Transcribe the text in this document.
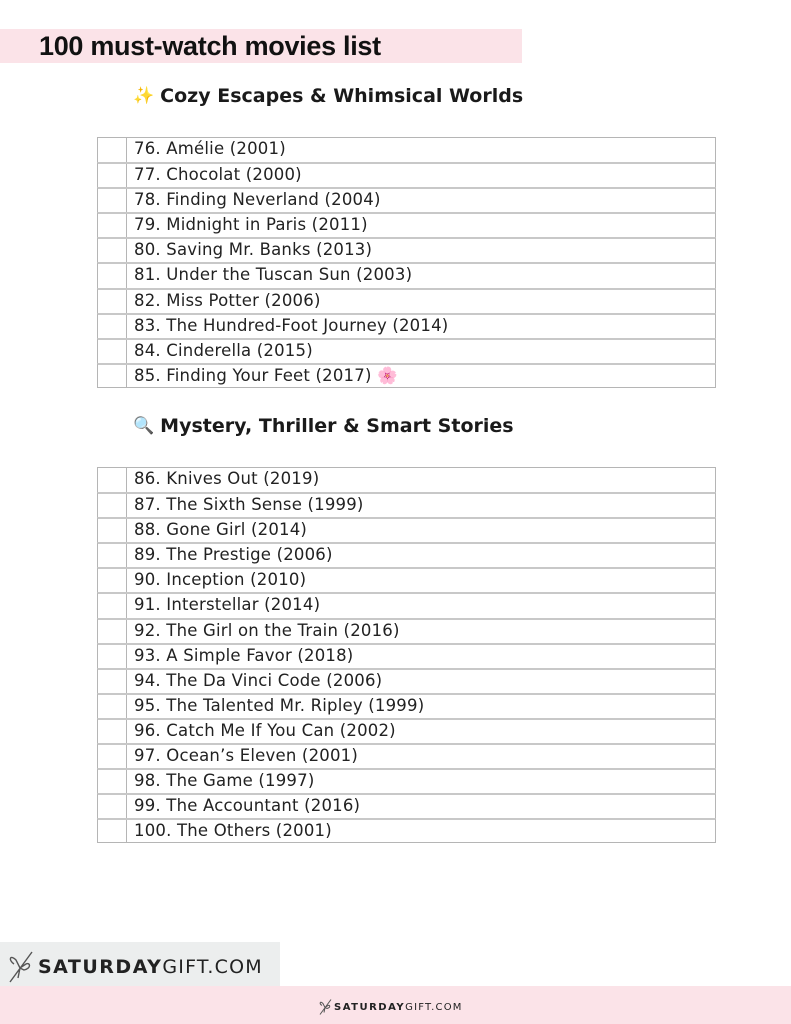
100 must-watch movies list
✨ Cozy Escapes & Whimsical Worlds
76. Amélie (2001)
77. Chocolat (2000)
78. Finding Neverland (2004)
79. Midnight in Paris (2011)
80. Saving Mr. Banks (2013)
81. Under the Tuscan Sun (2003)
82. Miss Potter (2006)
83. The Hundred-Foot Journey (2014)
84. Cinderella (2015)
85. Finding Your Feet (2017) 🌸
🔍 Mystery, Thriller & Smart Stories
86. Knives Out (2019)
87. The Sixth Sense (1999)
88. Gone Girl (2014)
89. The Prestige (2006)
90. Inception (2010)
91. Interstellar (2014)
92. The Girl on the Train (2016)
93. A Simple Favor (2018)
94. The Da Vinci Code (2006)
95. The Talented Mr. Ripley (1999)
96. Catch Me If You Can (2002)
97. Ocean’s Eleven (2001)
98. The Game (1997)
99. The Accountant (2016)
100. The Others (2001)
SATURDAY GIFT.COM
SATURDAY GIFT.COM
